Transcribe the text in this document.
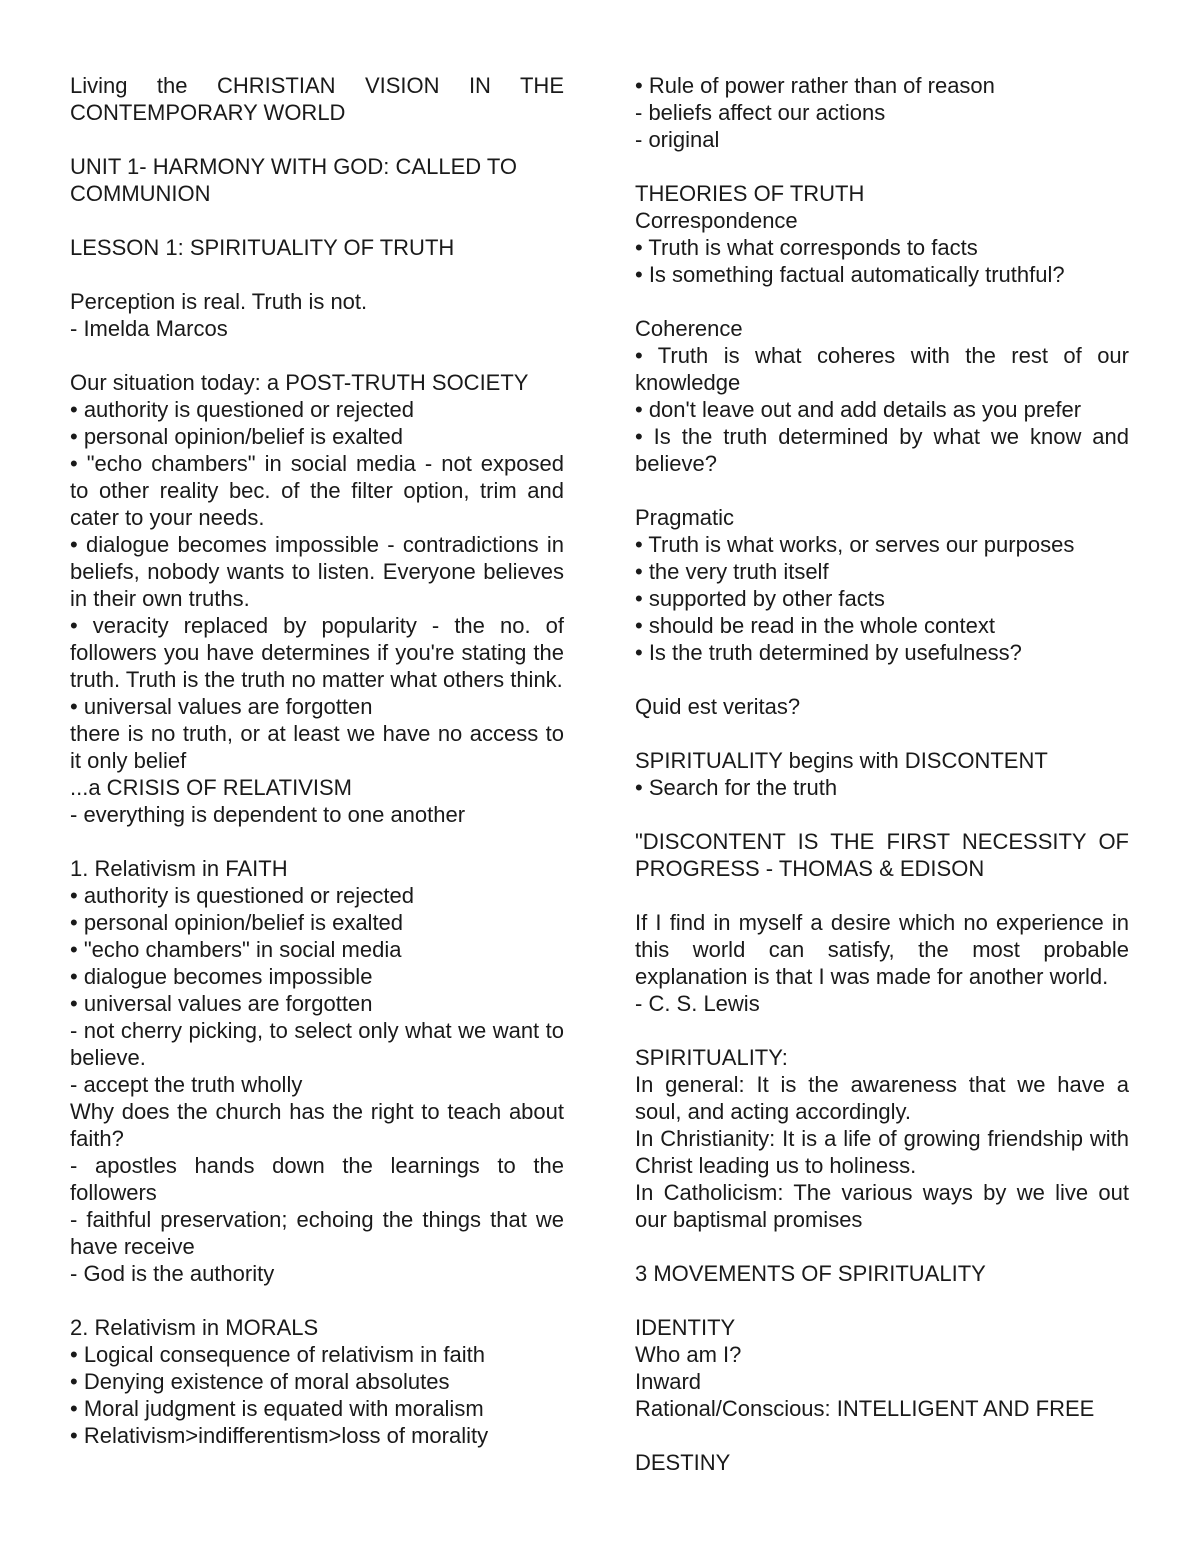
Living the CHRISTIAN VISION IN THE CONTEMPORARY WORLD
UNIT 1- HARMONY WITH GOD: CALLED TO COMMUNION
LESSON 1: SPIRITUALITY OF TRUTH
Perception is real. Truth is not.
- Imelda Marcos
Our situation today: a POST-TRUTH SOCIETY
• authority is questioned or rejected
• personal opinion/belief is exalted
• "echo chambers" in social media - not exposed to other reality bec. of the filter option, trim and cater to your needs.
• dialogue becomes impossible - contradictions in beliefs, nobody wants to listen. Everyone believes in their own truths.
• veracity replaced by popularity - the no. of followers you have determines if you're stating the truth. Truth is the truth no matter what others think.
• universal values are forgotten
there is no truth, or at least we have no access to it only belief
...a CRISIS OF RELATIVISM
- everything is dependent to one another
1. Relativism in FAITH
• authority is questioned or rejected
• personal opinion/belief is exalted
• "echo chambers" in social media
• dialogue becomes impossible
• universal values are forgotten
- not cherry picking, to select only what we want to believe.
- accept the truth wholly
Why does the church has the right to teach about faith?
- apostles hands down the learnings to the followers
- faithful preservation; echoing the things that we have receive
- God is the authority
2. Relativism in MORALS
• Logical consequence of relativism in faith
• Denying existence of moral absolutes
• Moral judgment is equated with moralism
• Relativism>indifferentism>loss of morality
• Rule of power rather than of reason
- beliefs affect our actions
- original
THEORIES OF TRUTH
Correspondence
• Truth is what corresponds to facts
• Is something factual automatically truthful?
Coherence
• Truth is what coheres with the rest of our knowledge
• don't leave out and add details as you prefer
• Is the truth determined by what we know and believe?
Pragmatic
• Truth is what works, or serves our purposes
• the very truth itself
• supported by other facts
• should be read in the whole context
• Is the truth determined by usefulness?
Quid est veritas?
SPIRITUALITY begins with DISCONTENT
• Search for the truth
"DISCONTENT IS THE FIRST NECESSITY OF PROGRESS - THOMAS & EDISON
If I find in myself a desire which no experience in this world can satisfy, the most probable explanation is that I was made for another world.
- C. S. Lewis
SPIRITUALITY:
In general: It is the awareness that we have a soul, and acting accordingly.
In Christianity: It is a life of growing friendship with Christ leading us to holiness.
In Catholicism: The various ways by we live out our baptismal promises
3 MOVEMENTS OF SPIRITUALITY
IDENTITY
Who am I?
Inward
Rational/Conscious: INTELLIGENT AND FREE
DESTINY
